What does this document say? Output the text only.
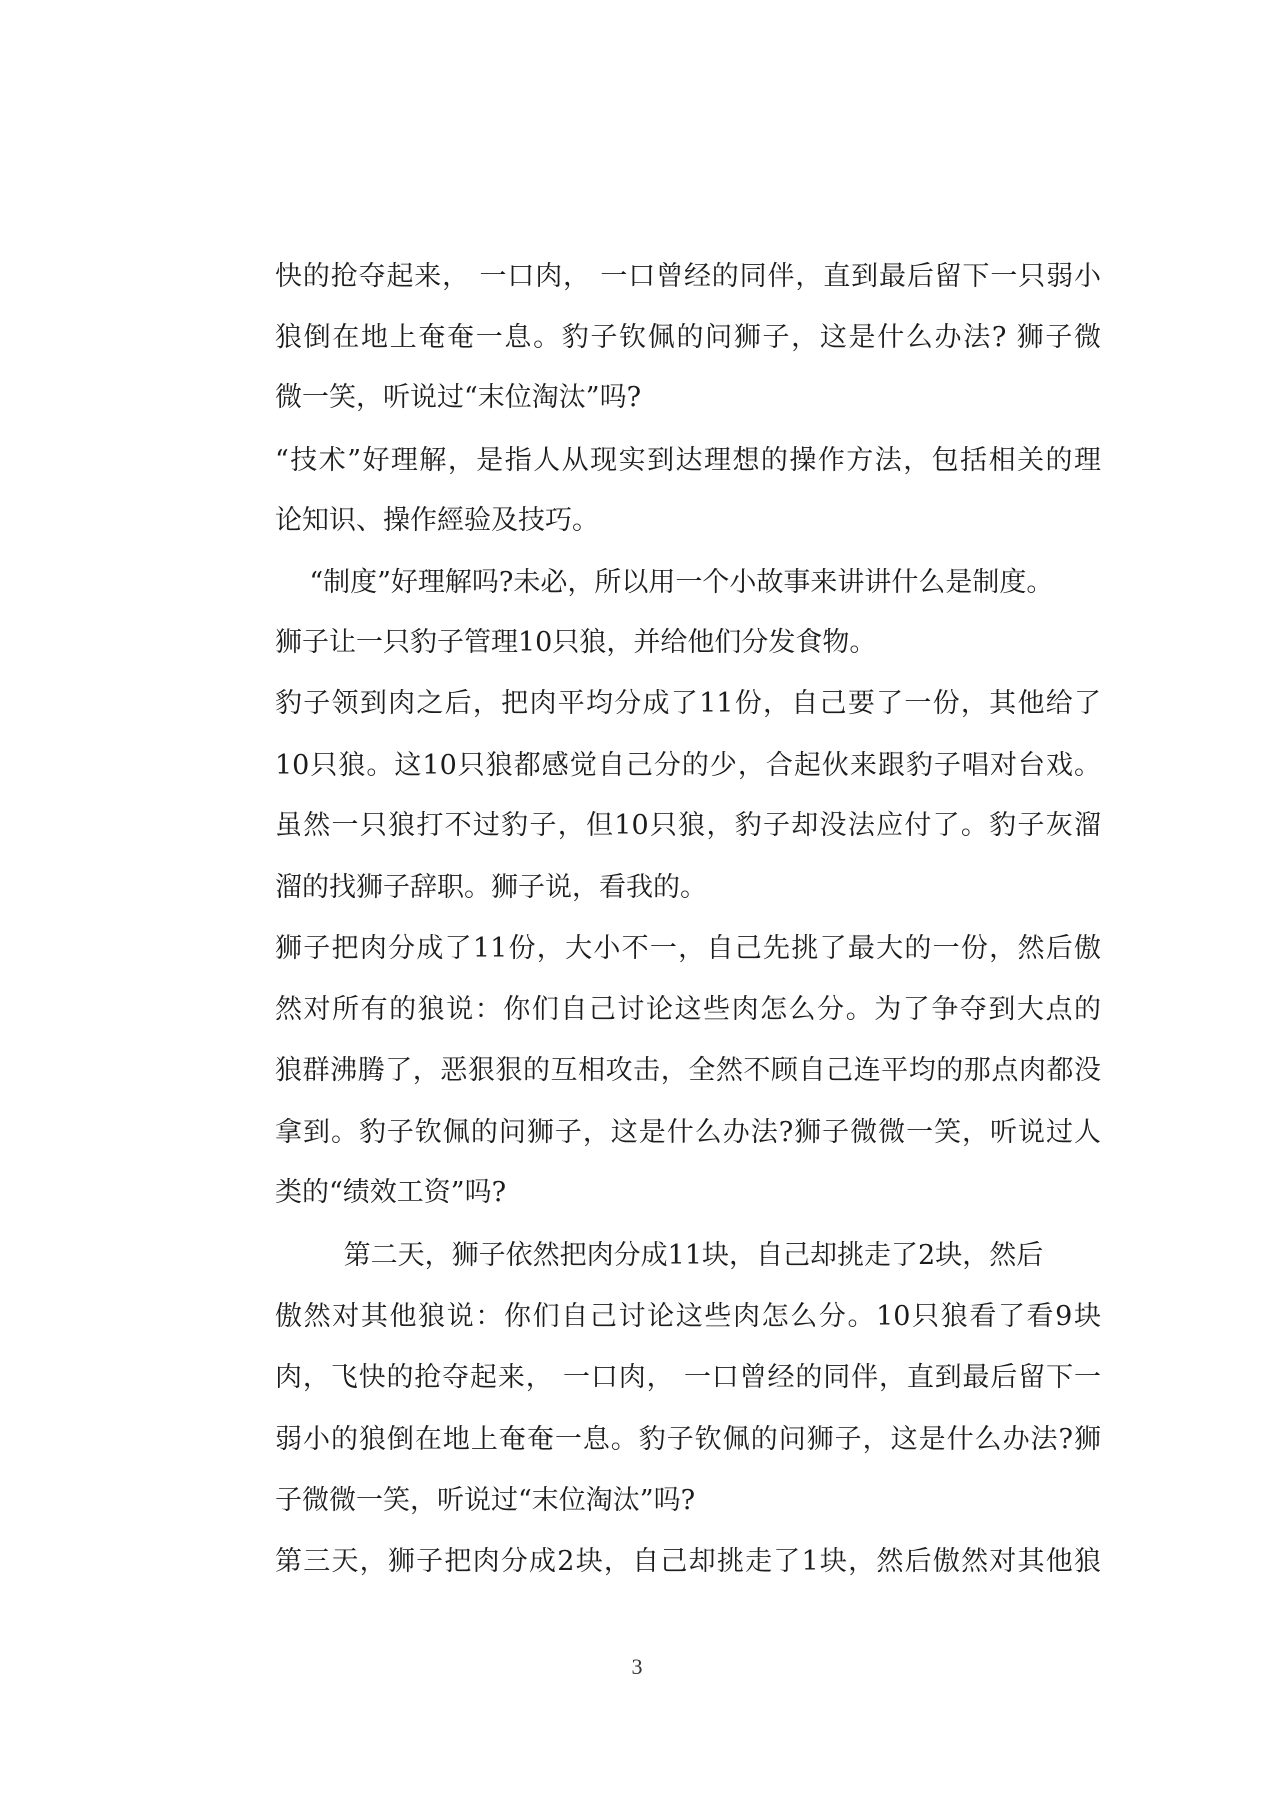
快的抢夺起来， 一口肉， 一口曾经的同伴，直到最后留下一只弱小
狼倒在地上奄奄一息。豹子钦佩的问狮子，这是什么办法? 狮子微
微一笑，听说过“末位淘汰”吗?
“技术”好理解，是指人从现实到达理想的操作方法，包括相关的理
论知识、操作經验及技巧。
“制度”好理解吗?未必，所以用一个小故事来讲讲什么是制度。
狮子让一只豹子管理10只狼，并给他们分发食物。
豹子领到肉之后，把肉平均分成了11份，自己要了一份，其他给了
10只狼。这10只狼都感觉自己分的少，合起伙来跟豹子唱对台戏。
虽然一只狼打不过豹子，但10只狼，豹子却没法应付了。豹子灰溜
溜的找狮子辞职。狮子说，看我的。
狮子把肉分成了11份，大小不一，自己先挑了最大的一份，然后傲
然对所有的狼说：你们自己讨论这些肉怎么分。为了争夺到大点的
狼群沸腾了，恶狠狠的互相攻击，全然不顾自己连平均的那点肉都没
拿到。豹子钦佩的问狮子，这是什么办法?狮子微微一笑，听说过人
类的“绩效工资”吗?
第二天，狮子依然把肉分成11块，自己却挑走了2块，然后
傲然对其他狼说：你们自己讨论这些肉怎么分。10只狼看了看9块
肉，飞快的抢夺起来， 一口肉， 一口曾经的同伴，直到最后留下一
弱小的狼倒在地上奄奄一息。豹子钦佩的问狮子，这是什么办法?狮
子微微一笑，听说过“末位淘汰”吗?
第三天，狮子把肉分成2块，自己却挑走了1块，然后傲然对其他狼
3
